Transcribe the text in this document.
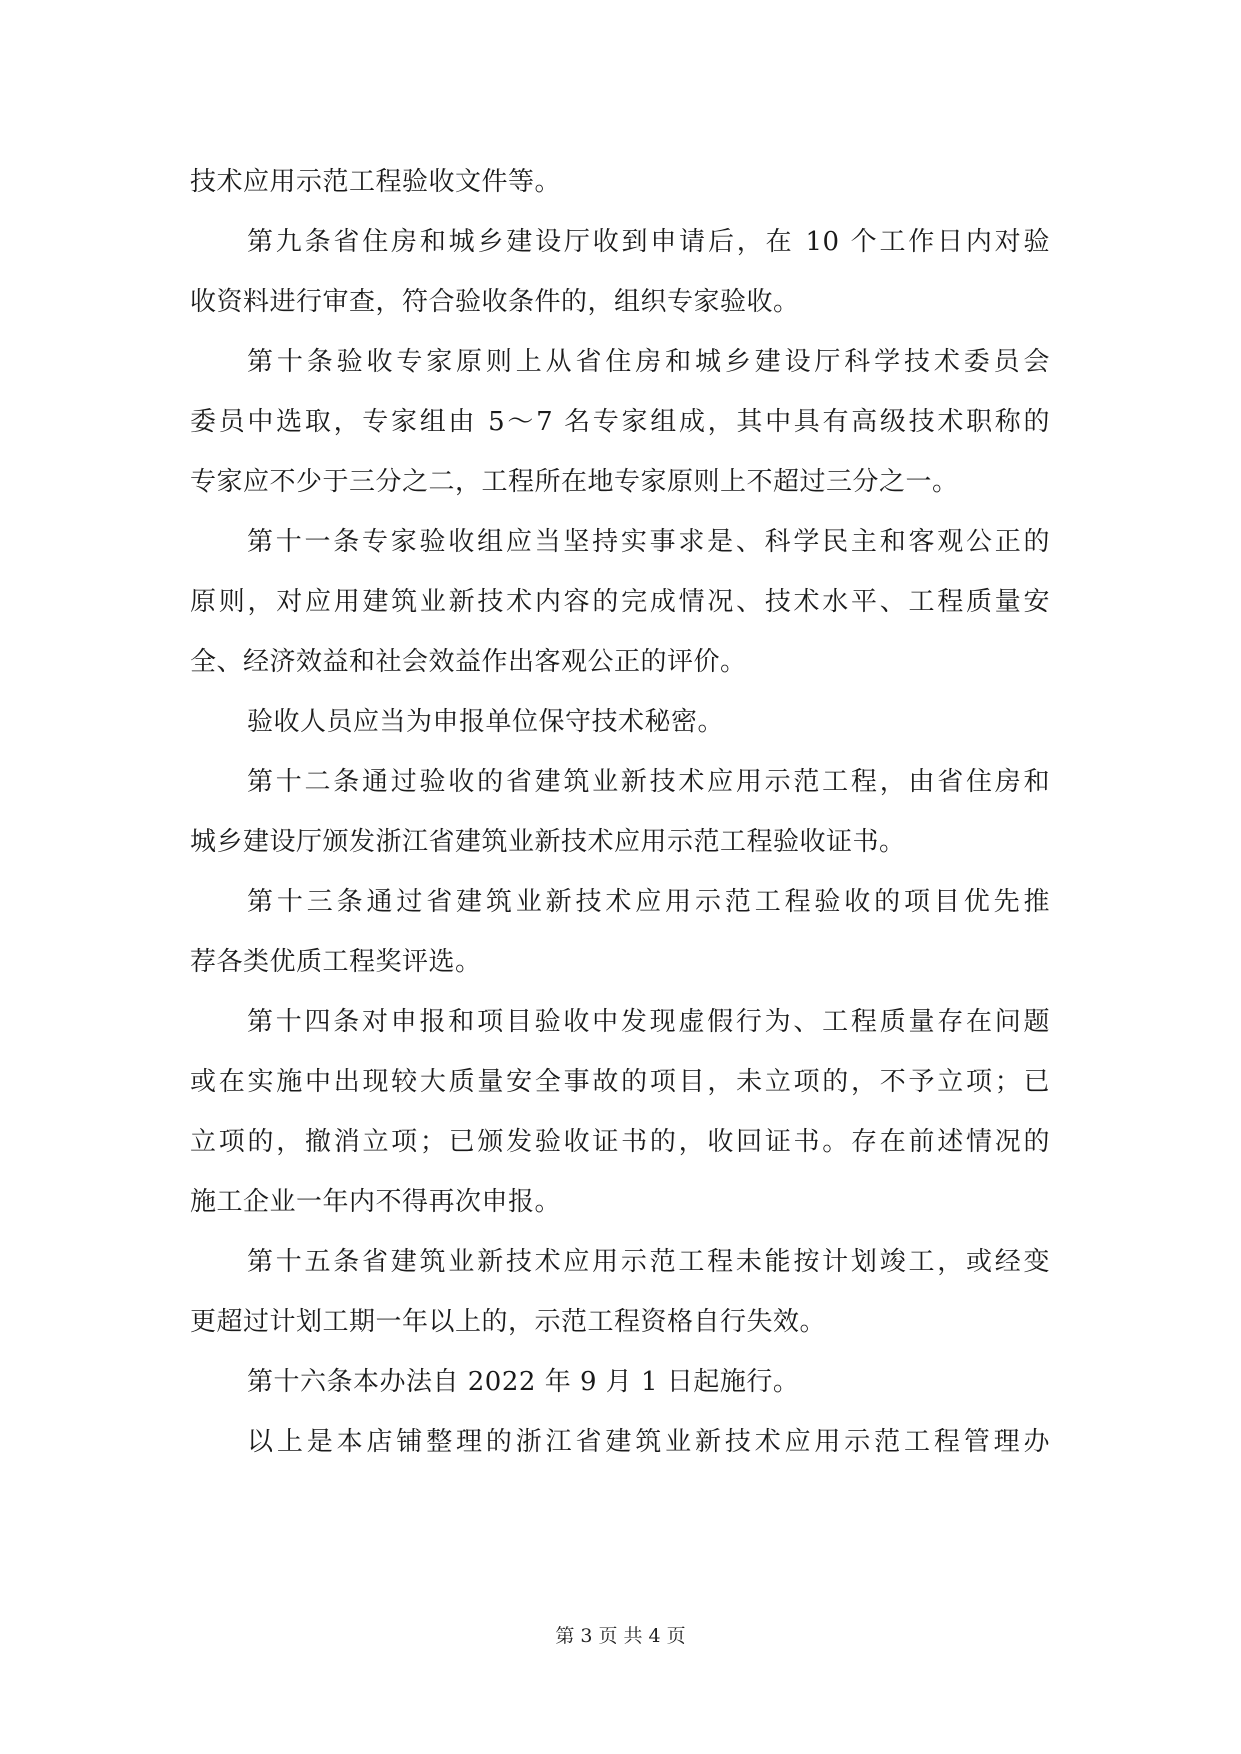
技术应用示范工程验收文件等。
第九条省住房和城乡建设厅收到申请后，在 10 个工作日内对验
收资料进行审查，符合验收条件的，组织专家验收。
第十条验收专家原则上从省住房和城乡建设厅科学技术委员会
委员中选取，专家组由 5～7 名专家组成，其中具有高级技术职称的
专家应不少于三分之二，工程所在地专家原则上不超过三分之一。
第十一条专家验收组应当坚持实事求是、科学民主和客观公正的
原则，对应用建筑业新技术内容的完成情况、技术水平、工程质量安
全、经济效益和社会效益作出客观公正的评价。
验收人员应当为申报单位保守技术秘密。
第十二条通过验收的省建筑业新技术应用示范工程，由省住房和
城乡建设厅颁发浙江省建筑业新技术应用示范工程验收证书。
第十三条通过省建筑业新技术应用示范工程验收的项目优先推
荐各类优质工程奖评选。
第十四条对申报和项目验收中发现虚假行为、工程质量存在问题
或在实施中出现较大质量安全事故的项目，未立项的，不予立项；已
立项的，撤消立项；已颁发验收证书的，收回证书。存在前述情况的
施工企业一年内不得再次申报。
第十五条省建筑业新技术应用示范工程未能按计划竣工，或经变
更超过计划工期一年以上的，示范工程资格自行失效。
第十六条本办法自 2022 年 9 月 1 日起施行。
以上是本店铺整理的浙江省建筑业新技术应用示范工程管理办
第 3 页 共 4 页
